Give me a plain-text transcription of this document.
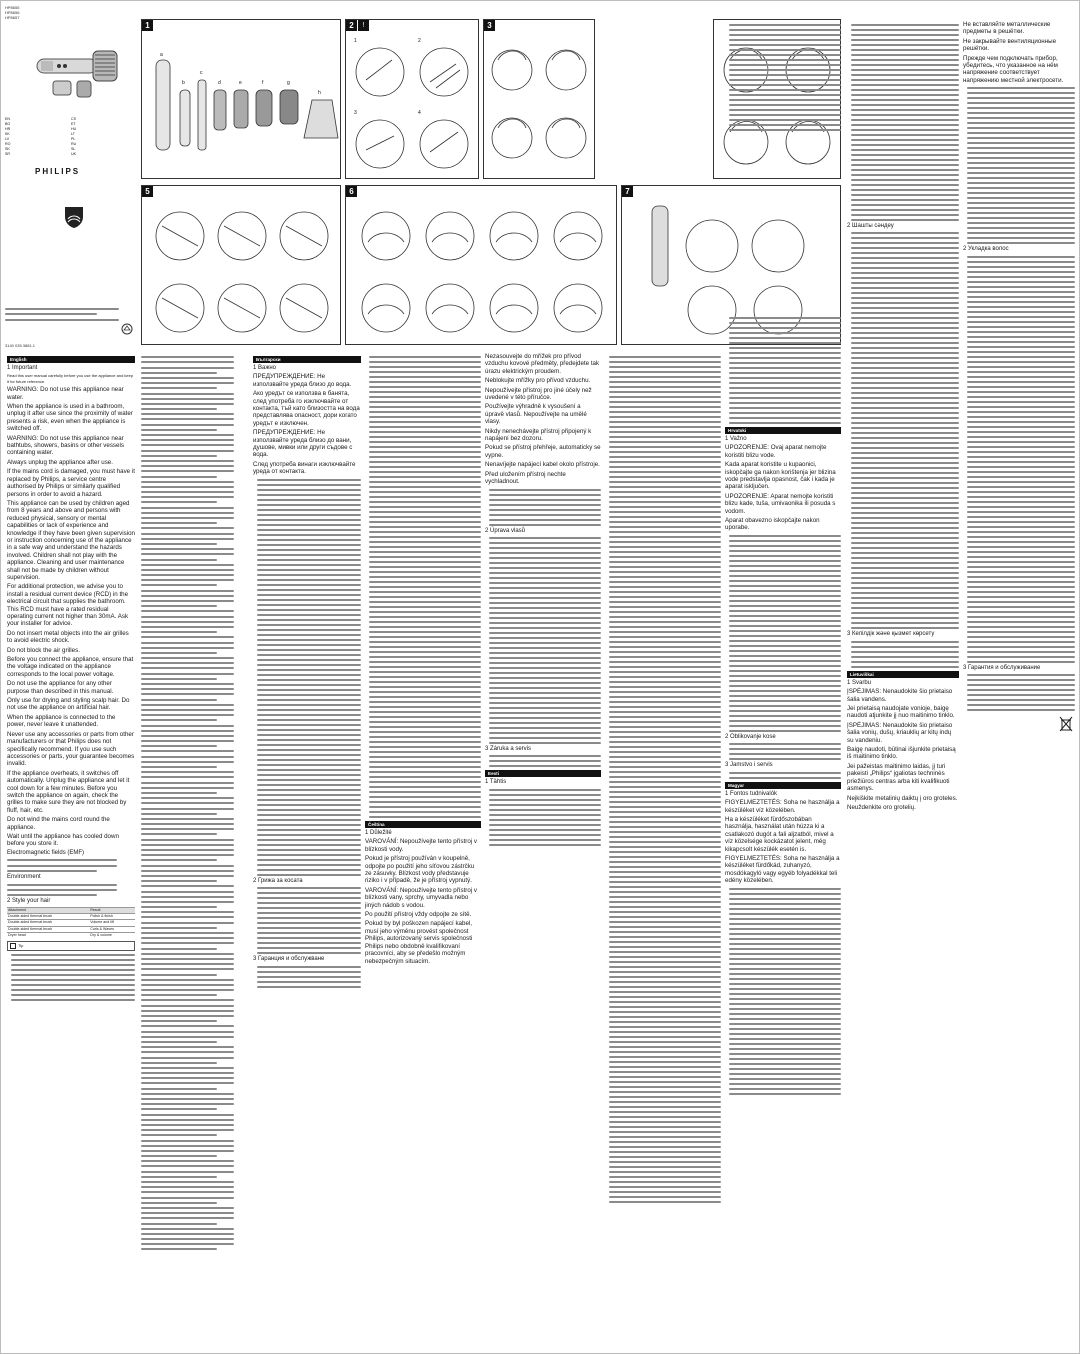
HP8655
HP8656
HP8657
EN	CS
BG	ET
HR	HU
KK	LT
LV	PL
RO	RU
SK	SL
SR	UK
PHILIPS
3140 035 3881.1
1
a
b
c
d	e	f	g
h
2	!
1	2
3	4
3
5	6	7
English
1 Important
Read this user manual carefully before you use the appliance and keep it for future reference.
WARNING: Do not use this appliance near water.
When the appliance is used in a bathroom, unplug it after use since the proximity of water presents a risk, even when the appliance is switched off.
WARNING: Do not use this appliance near bathtubs, showers, basins or other vessels containing water.
Always unplug the appliance after use.
If the mains cord is damaged, you must have it replaced by Philips, a service centre authorised by Philips or similarly qualified persons in order to avoid a hazard.
This appliance can be used by children aged from 8 years and above and persons with reduced physical, sensory or mental capabilities or lack of experience and knowledge if they have been given supervision or instruction concerning use of the appliance in a safe way and understand the hazards involved. Children shall not play with the appliance. Cleaning and user maintenance shall not be made by children without supervision.
For additional protection, we advise you to install a residual current device (RCD) in the electrical circuit that supplies the bathroom. This RCD must have a rated residual operating current not higher than 30mA. Ask your installer for advice.
Do not insert metal objects into the air grilles to avoid electric shock.
Do not block the air grilles.
Before you connect the appliance, ensure that the voltage indicated on the appliance corresponds to the local power voltage.
Do not use the appliance for any other purpose than described in this manual.
Only use for drying and styling scalp hair. Do not use the appliance on artificial hair.
When the appliance is connected to the power, never leave it unattended.
Never use any accessories or parts from other manufacturers or that Philips does not specifically recommend. If you use such accessories or parts, your guarantee becomes invalid.
If the appliance overheats, it switches off automatically. Unplug the appliance and let it cool down for a few minutes. Before you switch the appliance on again, check the grilles to make sure they are not blocked by fluff, hair, etc.
Do not wind the mains cord round the appliance.
Wait until the appliance has cooled down before you store it.
Electromagnetic fields (EMF)
Environment
2 Style your hair
Attachment	Result
Double-sided thermal brush	Polish & finish
Double-sided thermal brush	Volume and lift
Double-sided thermal brush	Curls & Waves
Dryer head	Dry & volume
Tip
Български
1 Важно
ПРЕДУПРЕЖДЕНИЕ: Не използвайте уреда близо до вода.
Ако уредът се използва в банята, след употреба го изключвайте от контакта, тъй като близостта на вода представлява опасност, дори когато уредът е изключен.
ПРЕДУПРЕЖДЕНИЕ: Не използвайте уреда близо до вани, душове, мивки или други съдове с вода.
След употреба винаги изключвайте уреда от контакта.
2 Грижа за косата
3 Гаранция и обслужване
Čeština
1 Důležité
VAROVÁNÍ: Nepoužívejte tento přístroj v blízkosti vody.
Pokud je přístroj používán v koupelně, odpojte po použití jeho síťovou zástrčku ze zásuvky. Blízkost vody představuje riziko i v případě, že je přístroj vypnutý.
VAROVÁNÍ: Nepoužívejte tento přístroj v blízkosti vany, sprchy, umyvadla nebo jiných nádob s vodou.
Po použití přístroj vždy odpojte ze sítě.
Pokud by byl poškozen napájecí kabel, musí jeho výměnu provést společnost Philips, autorizovaný servis společnosti Philips nebo obdobně kvalifikovaní pracovníci, aby se předešlo možným nebezpečným situacím.
Nezasouvejte do mřížek pro přívod vzduchu kovové předměty, předejdete tak úrazu elektrickým proudem.
Neblokujte mřížky pro přívod vzduchu.
Nepoužívejte přístroj pro jiné účely než uvedené v této příručce.
Používejte výhradně k vysoušení a úpravě vlasů. Nepoužívejte na umělé vlasy.
Nikdy nenechávejte přístroj připojený k napájení bez dozoru.
Pokud se přístroj přehřeje, automaticky se vypne.
Nenavíjejte napájecí kabel okolo přístroje.
Před uložením přístroj nechte vychladnout.
2 Úprava vlasů
3 Záruka a servis
Eesti
1 Tähtis
Hrvatski
1 Važno
UPOZORENJE: Ovaj aparat nemojte koristiti blizu vode.
Kada aparat koristite u kupaonici, iskopčajte ga nakon korištenja jer blizina vode predstavlja opasnost, čak i kada je aparat isključen.
UPOZORENJE: Aparat nemojte koristiti blizu kade, tuša, umivaonika ili posuda s vodom.
Aparat obavezno iskopčajte nakon uporabe.
2 Oblikovanje kose
3 Jamstvo i servis
Magyar
1 Fontos tudnivalók
FIGYELMEZTETÉS: Soha ne használja a készüléket víz közelében.
Ha a készüléket fürdőszobában használja, használat után húzza ki a csatlakozó dugót a fali aljzatból, mivel a víz közelsége kockázatot jelent, még kikapcsolt készülék esetén is.
FIGYELMEZTETÉS: Soha ne használja a készüléket fürdőkád, zuhanyzó, mosdókagyló vagy egyéb folyadékkal teli edény közelében.
2 Шашты сәндеу
3 Кепілдік және қызмет көрсету
Lietuviškai
1 Svarbu
ĮSPĖJIMAS: Nenaudokite šio prietaiso šalia vandens.
Jei prietaisą naudojate vonioje, baigę naudoti atjunkite jį nuo maitinimo tinklo.
ĮSPĖJIMAS: Nenaudokite šio prietaiso šalia vonių, dušų, kriauklių ar kitų indų su vandeniu.
Baigę naudoti, būtinai išjunkite prietaisą iš maitinimo tinklo.
Jei pažeistas maitinimo laidas, jį turi pakeisti „Philips“ įgaliotas techninės priežiūros centras arba kiti kvalifikuoti asmenys.
Neįkiškite metalinių daiktų į oro groteles.
Neuždenkite oro grotelių.
Не вставляйте металлические предметы в решётки.
Не закрывайте вентиляционные решётки.
Прежде чем подключать прибор, убедитесь, что указанное на нём напряжение соответствует напряжению местной электросети.
2 Укладка волос
3 Гарантия и обслуживание
